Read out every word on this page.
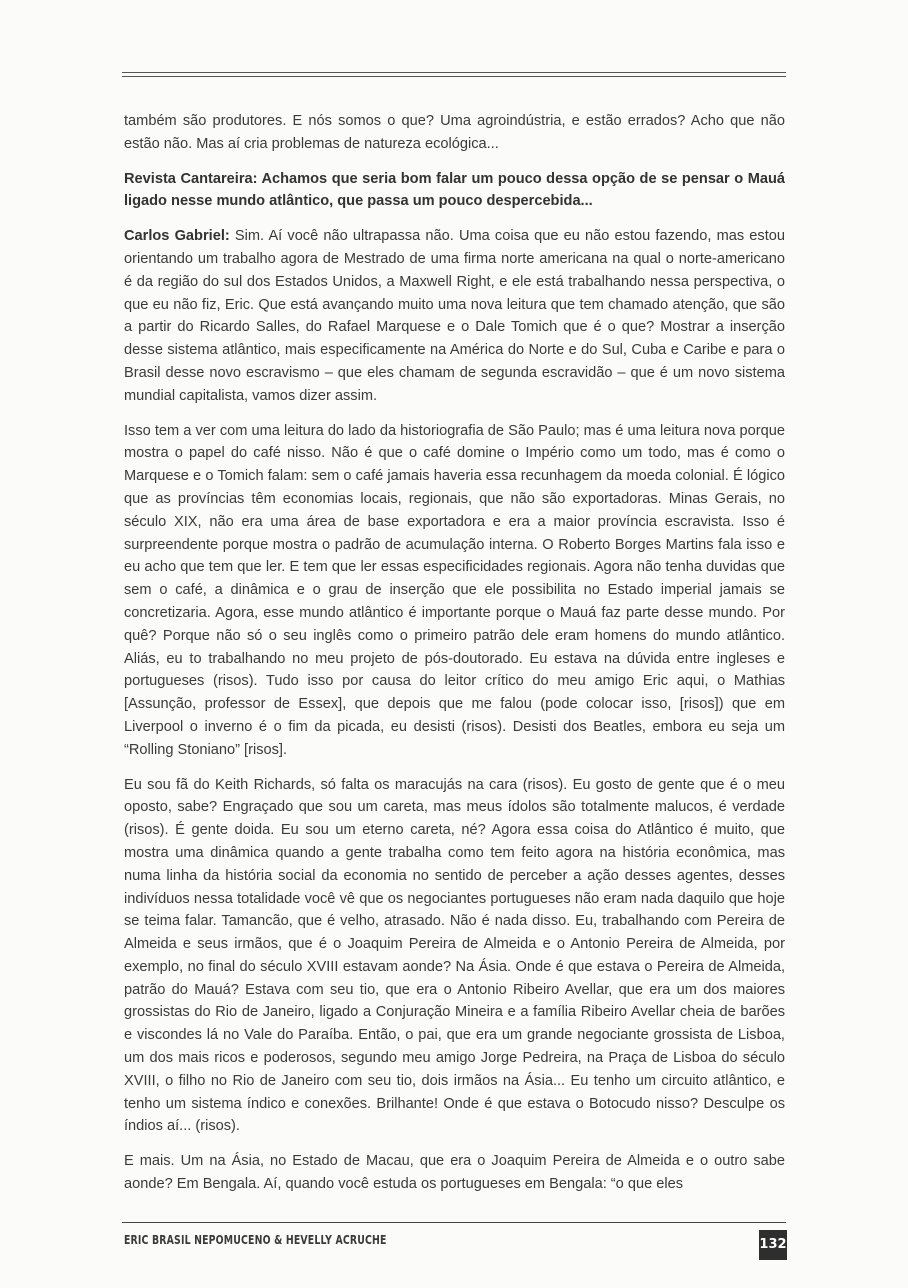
também são produtores. E nós somos o que? Uma agroindústria, e estão errados? Acho que não estão não. Mas aí cria problemas de natureza ecológica...

Revista Cantareira: Achamos que seria bom falar um pouco dessa opção de se pensar o Mauá ligado nesse mundo atlântico, que passa um pouco despercebida...

Carlos Gabriel: Sim. Aí você não ultrapassa não. Uma coisa que eu não estou fazendo, mas estou orientando um trabalho agora de Mestrado de uma firma norte americana na qual o norte-americano é da região do sul dos Estados Unidos, a Maxwell Right, e ele está trabalhando nessa perspectiva, o que eu não fiz, Eric. Que está avançando muito uma nova leitura que tem chamado atenção, que são a partir do Ricardo Salles, do Rafael Marquese e o Dale Tomich que é o que? Mostrar a inserção desse sistema atlântico, mais especificamente na América do Norte e do Sul, Cuba e Caribe e para o Brasil desse novo escravismo – que eles chamam de segunda escravidão – que é um novo sistema mundial capitalista, vamos dizer assim.

Isso tem a ver com uma leitura do lado da historiografia de São Paulo; mas é uma leitura nova porque mostra o papel do café nisso. Não é que o café domine o Império como um todo, mas é como o Marquese e o Tomich falam: sem o café jamais haveria essa recunhagem da moeda colonial. É lógico que as províncias têm economias locais, regionais, que não são exportadoras. Minas Gerais, no século XIX, não era uma área de base exportadora e era a maior província escravista. Isso é surpreendente porque mostra o padrão de acumulação interna. O Roberto Borges Martins fala isso e eu acho que tem que ler. E tem que ler essas especificidades regionais. Agora não tenha duvidas que sem o café, a dinâmica e o grau de inserção que ele possibilita no Estado imperial jamais se concretizaria. Agora, esse mundo atlântico é importante porque o Mauá faz parte desse mundo. Por quê? Porque não só o seu inglês como o primeiro patrão dele eram homens do mundo atlântico. Aliás, eu to trabalhando no meu projeto de pós-doutorado. Eu estava na dúvida entre ingleses e portugueses (risos). Tudo isso por causa do leitor crítico do meu amigo Eric aqui, o Mathias [Assunção, professor de Essex], que depois que me falou (pode colocar isso, [risos]) que em Liverpool o inverno é o fim da picada, eu desisti (risos). Desisti dos Beatles, embora eu seja um “Rolling Stoniano” [risos].

Eu sou fã do Keith Richards, só falta os maracujás na cara (risos). Eu gosto de gente que é o meu oposto, sabe? Engraçado que sou um careta, mas meus ídolos são totalmente malucos, é verdade (risos). É gente doida. Eu sou um eterno careta, né? Agora essa coisa do Atlântico é muito, que mostra uma dinâmica quando a gente trabalha como tem feito agora na história econômica, mas numa linha da história social da economia no sentido de perceber a ação desses agentes, desses indivíduos nessa totalidade você vê que os negociantes portugueses não eram nada daquilo que hoje se teima falar. Tamancão, que é velho, atrasado. Não é nada disso. Eu, trabalhando com Pereira de Almeida e seus irmãos, que é o Joaquim Pereira de Almeida e o Antonio Pereira de Almeida, por exemplo, no final do século XVIII estavam aonde? Na Ásia. Onde é que estava o Pereira de Almeida, patrão do Mauá? Estava com seu tio, que era o Antonio Ribeiro Avellar, que era um dos maiores grossistas do Rio de Janeiro, ligado a Conjuração Mineira e a família Ribeiro Avellar cheia de barões e viscondes lá no Vale do Paraíba. Então, o pai, que era um grande negociante grossista de Lisboa, um dos mais ricos e poderosos, segundo meu amigo Jorge Pedreira, na Praça de Lisboa do século XVIII, o filho no Rio de Janeiro com seu tio, dois irmãos na Ásia... Eu tenho um circuito atlântico, e tenho um sistema índico e conexões. Brilhante! Onde é que estava o Botocudo nisso? Desculpe os índios aí... (risos).

E mais. Um na Ásia, no Estado de Macau, que era o Joaquim Pereira de Almeida e o outro sabe aonde? Em Bengala. Aí, quando você estuda os portugueses em Bengala: “o que eles

ERIC BRASIL NEPOMUCENO & HEVELLY ACRUCHE	132
